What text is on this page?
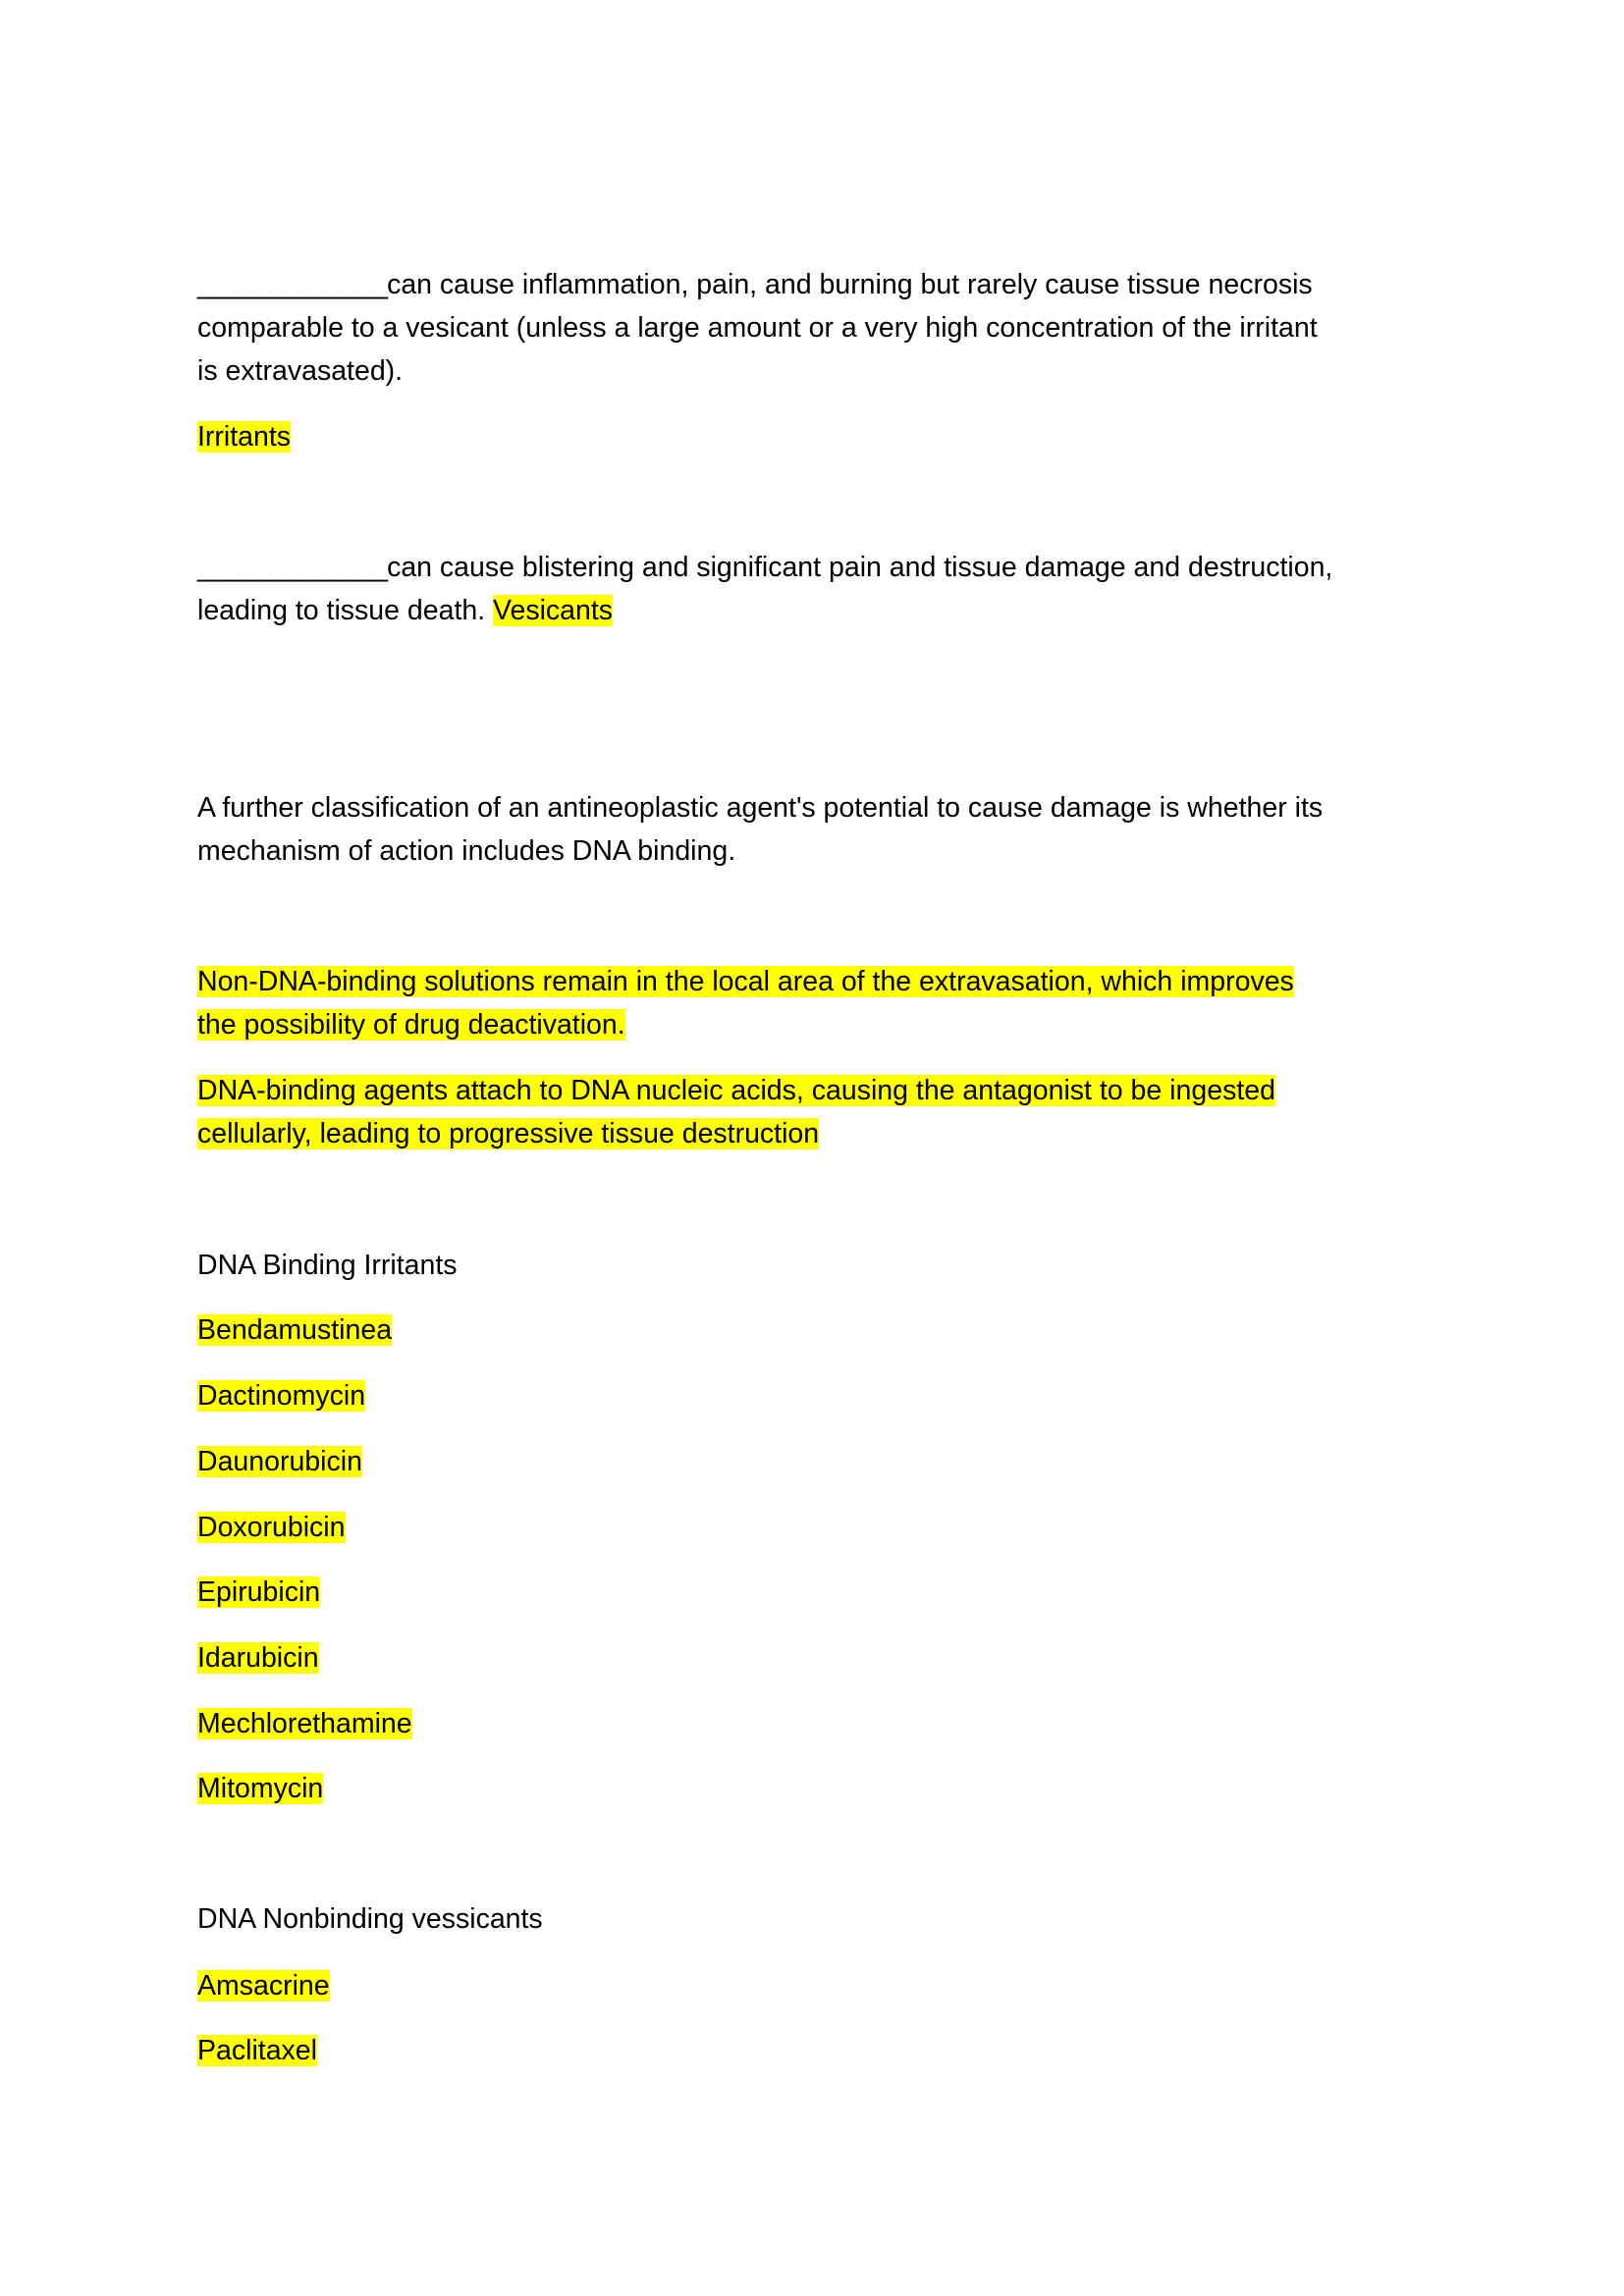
_____________can cause inflammation, pain, and burning but rarely cause tissue necrosis
comparable to a vesicant (unless a large amount or a very high concentration of the irritant
is extravasated).
Irritants
_____________can cause blistering and significant pain and tissue damage and destruction,
leading to tissue death. Vesicants
A further classification of an antineoplastic agent's potential to cause damage is whether its
mechanism of action includes DNA binding.
Non-DNA-binding solutions remain in the local area of the extravasation, which improves
the possibility of drug deactivation.
DNA-binding agents attach to DNA nucleic acids, causing the antagonist to be ingested
cellularly, leading to progressive tissue destruction
DNA Binding Irritants
Bendamustinea
Dactinomycin
Daunorubicin
Doxorubicin
Epirubicin
Idarubicin
Mechlorethamine
Mitomycin
DNA Nonbinding vessicants
Amsacrine
Paclitaxel
